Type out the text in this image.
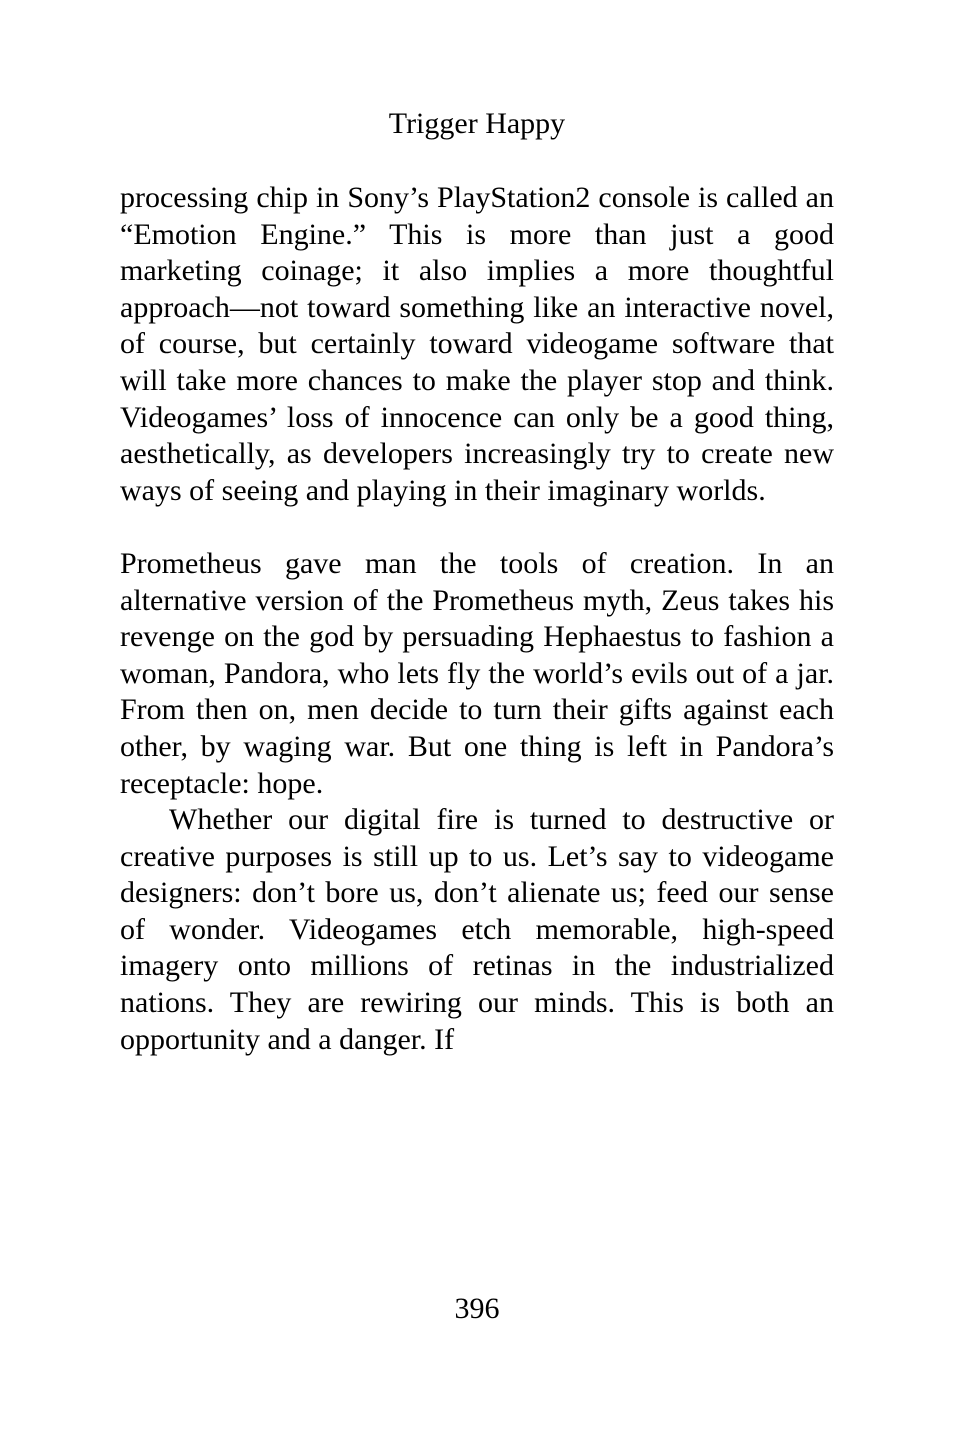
Trigger Happy

processing chip in Sony’s PlayStation2 console is called an “Emotion Engine.” This is more than just a good marketing coinage; it also implies a more thoughtful approach—not toward something like an interactive novel, of course, but certainly toward videogame software that will take more chances to make the player stop and think. Videogames’ loss of innocence can only be a good thing, aesthetically, as developers increasingly try to create new ways of seeing and playing in their imaginary worlds.

Prometheus gave man the tools of creation. In an alternative version of the Prometheus myth, Zeus takes his revenge on the god by persuading Hephaestus to fashion a woman, Pandora, who lets fly the world’s evils out of a jar. From then on, men decide to turn their gifts against each other, by waging war. But one thing is left in Pandora’s receptacle: hope.

Whether our digital fire is turned to destructive or creative purposes is still up to us. Let’s say to videogame designers: don’t bore us, don’t alienate us; feed our sense of wonder. Videogames etch memorable, high-speed imagery onto millions of retinas in the industrialized nations. They are rewiring our minds. This is both an opportunity and a danger. If

396
